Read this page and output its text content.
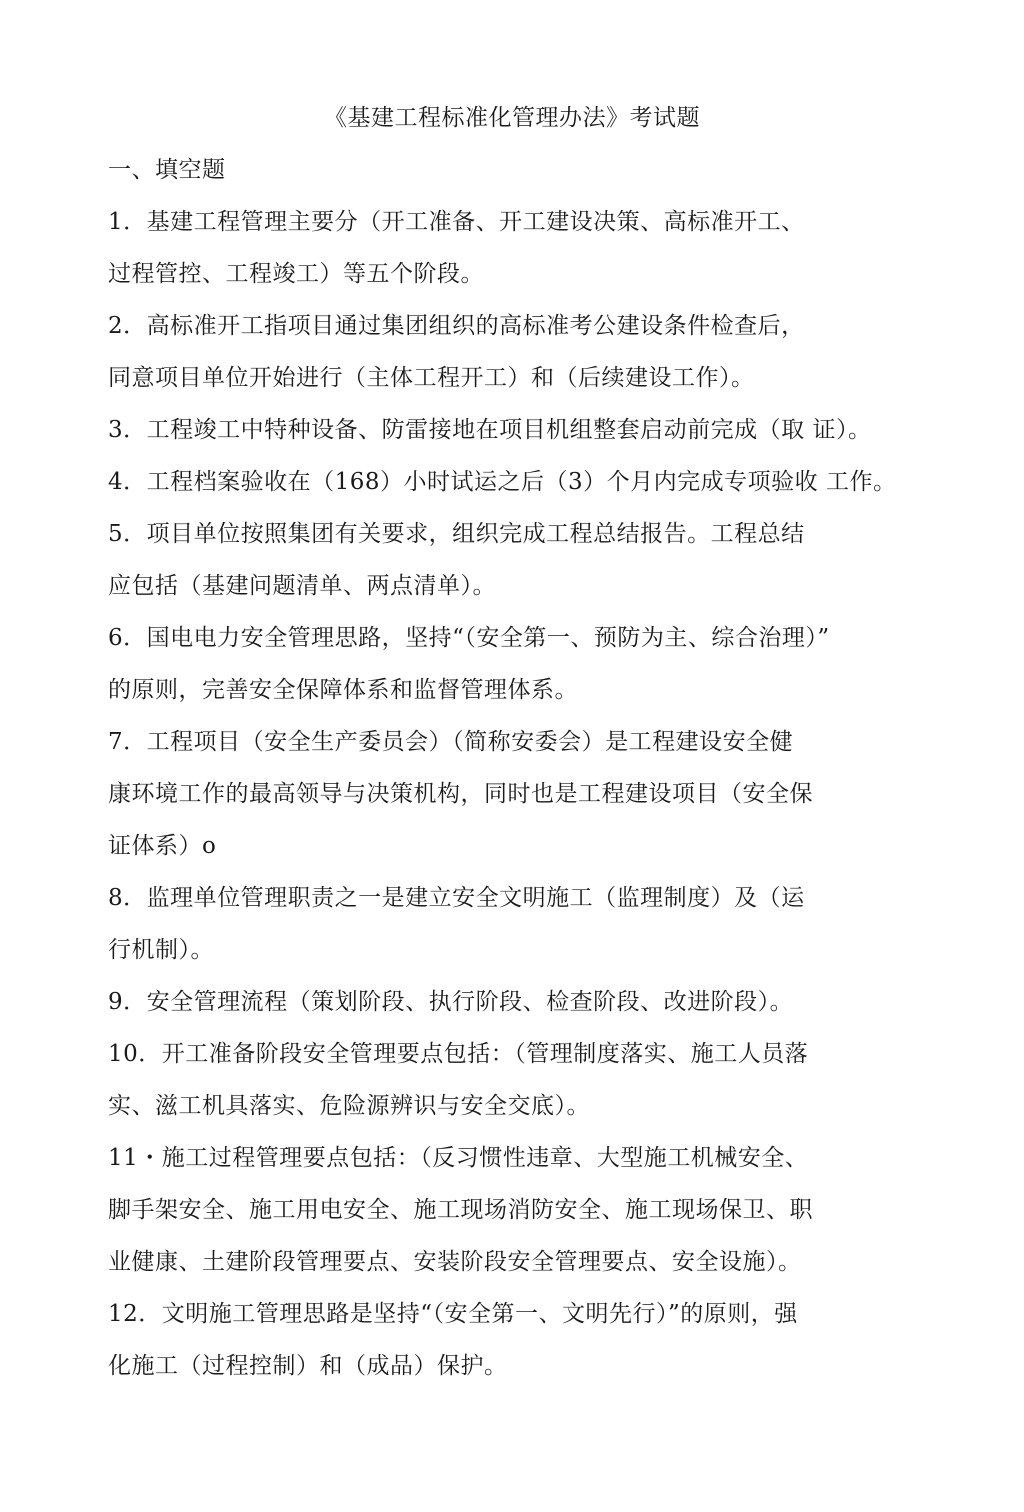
《基建工程标准化管理办法》考试题
一、填空题
1．基建工程管理主要分（开工准备、开工建设决策、高标准开工、
过程管控、工程竣工）等五个阶段。
2．高标准开工指项目通过集团组织的高标准考公建设条件检查后，
同意项目单位开始进行（主体工程开工）和（后续建设工作）。
3．工程竣工中特种设备、防雷接地在项目机组整套启动前完成（取 证）。
4．工程档案验收在（168）小时试运之后（3）个月内完成专项验收 工作。
5．项目单位按照集团有关要求，组织完成工程总结报告。工程总结
应包括（基建问题清单、两点清单）。
6．国电电力安全管理思路，坚持“（安全第一、预防为主、综合治理）”
的原则，完善安全保障体系和监督管理体系。
7．工程项目（安全生产委员会）（简称安委会）是工程建设安全健
康环境工作的最高领导与决策机构，同时也是工程建设项目（安全保
证体系）o
8．监理单位管理职责之一是建立安全文明施工（监理制度）及（运
行机制）。
9．安全管理流程（策划阶段、执行阶段、检查阶段、改进阶段）。
10．开工准备阶段安全管理要点包括：（管理制度落实、施工人员落
实、滋工机具落实、危险源辨识与安全交底）。
11・施工过程管理要点包括：（反习惯性违章、大型施工机械安全、
脚手架安全、施工用电安全、施工现场消防安全、施工现场保卫、职
业健康、土建阶段管理要点、安装阶段安全管理要点、安全设施）。
12．文明施工管理思路是坚持“（安全第一、文明先行）”的原则，强
化施工（过程控制）和（成品）保护。
